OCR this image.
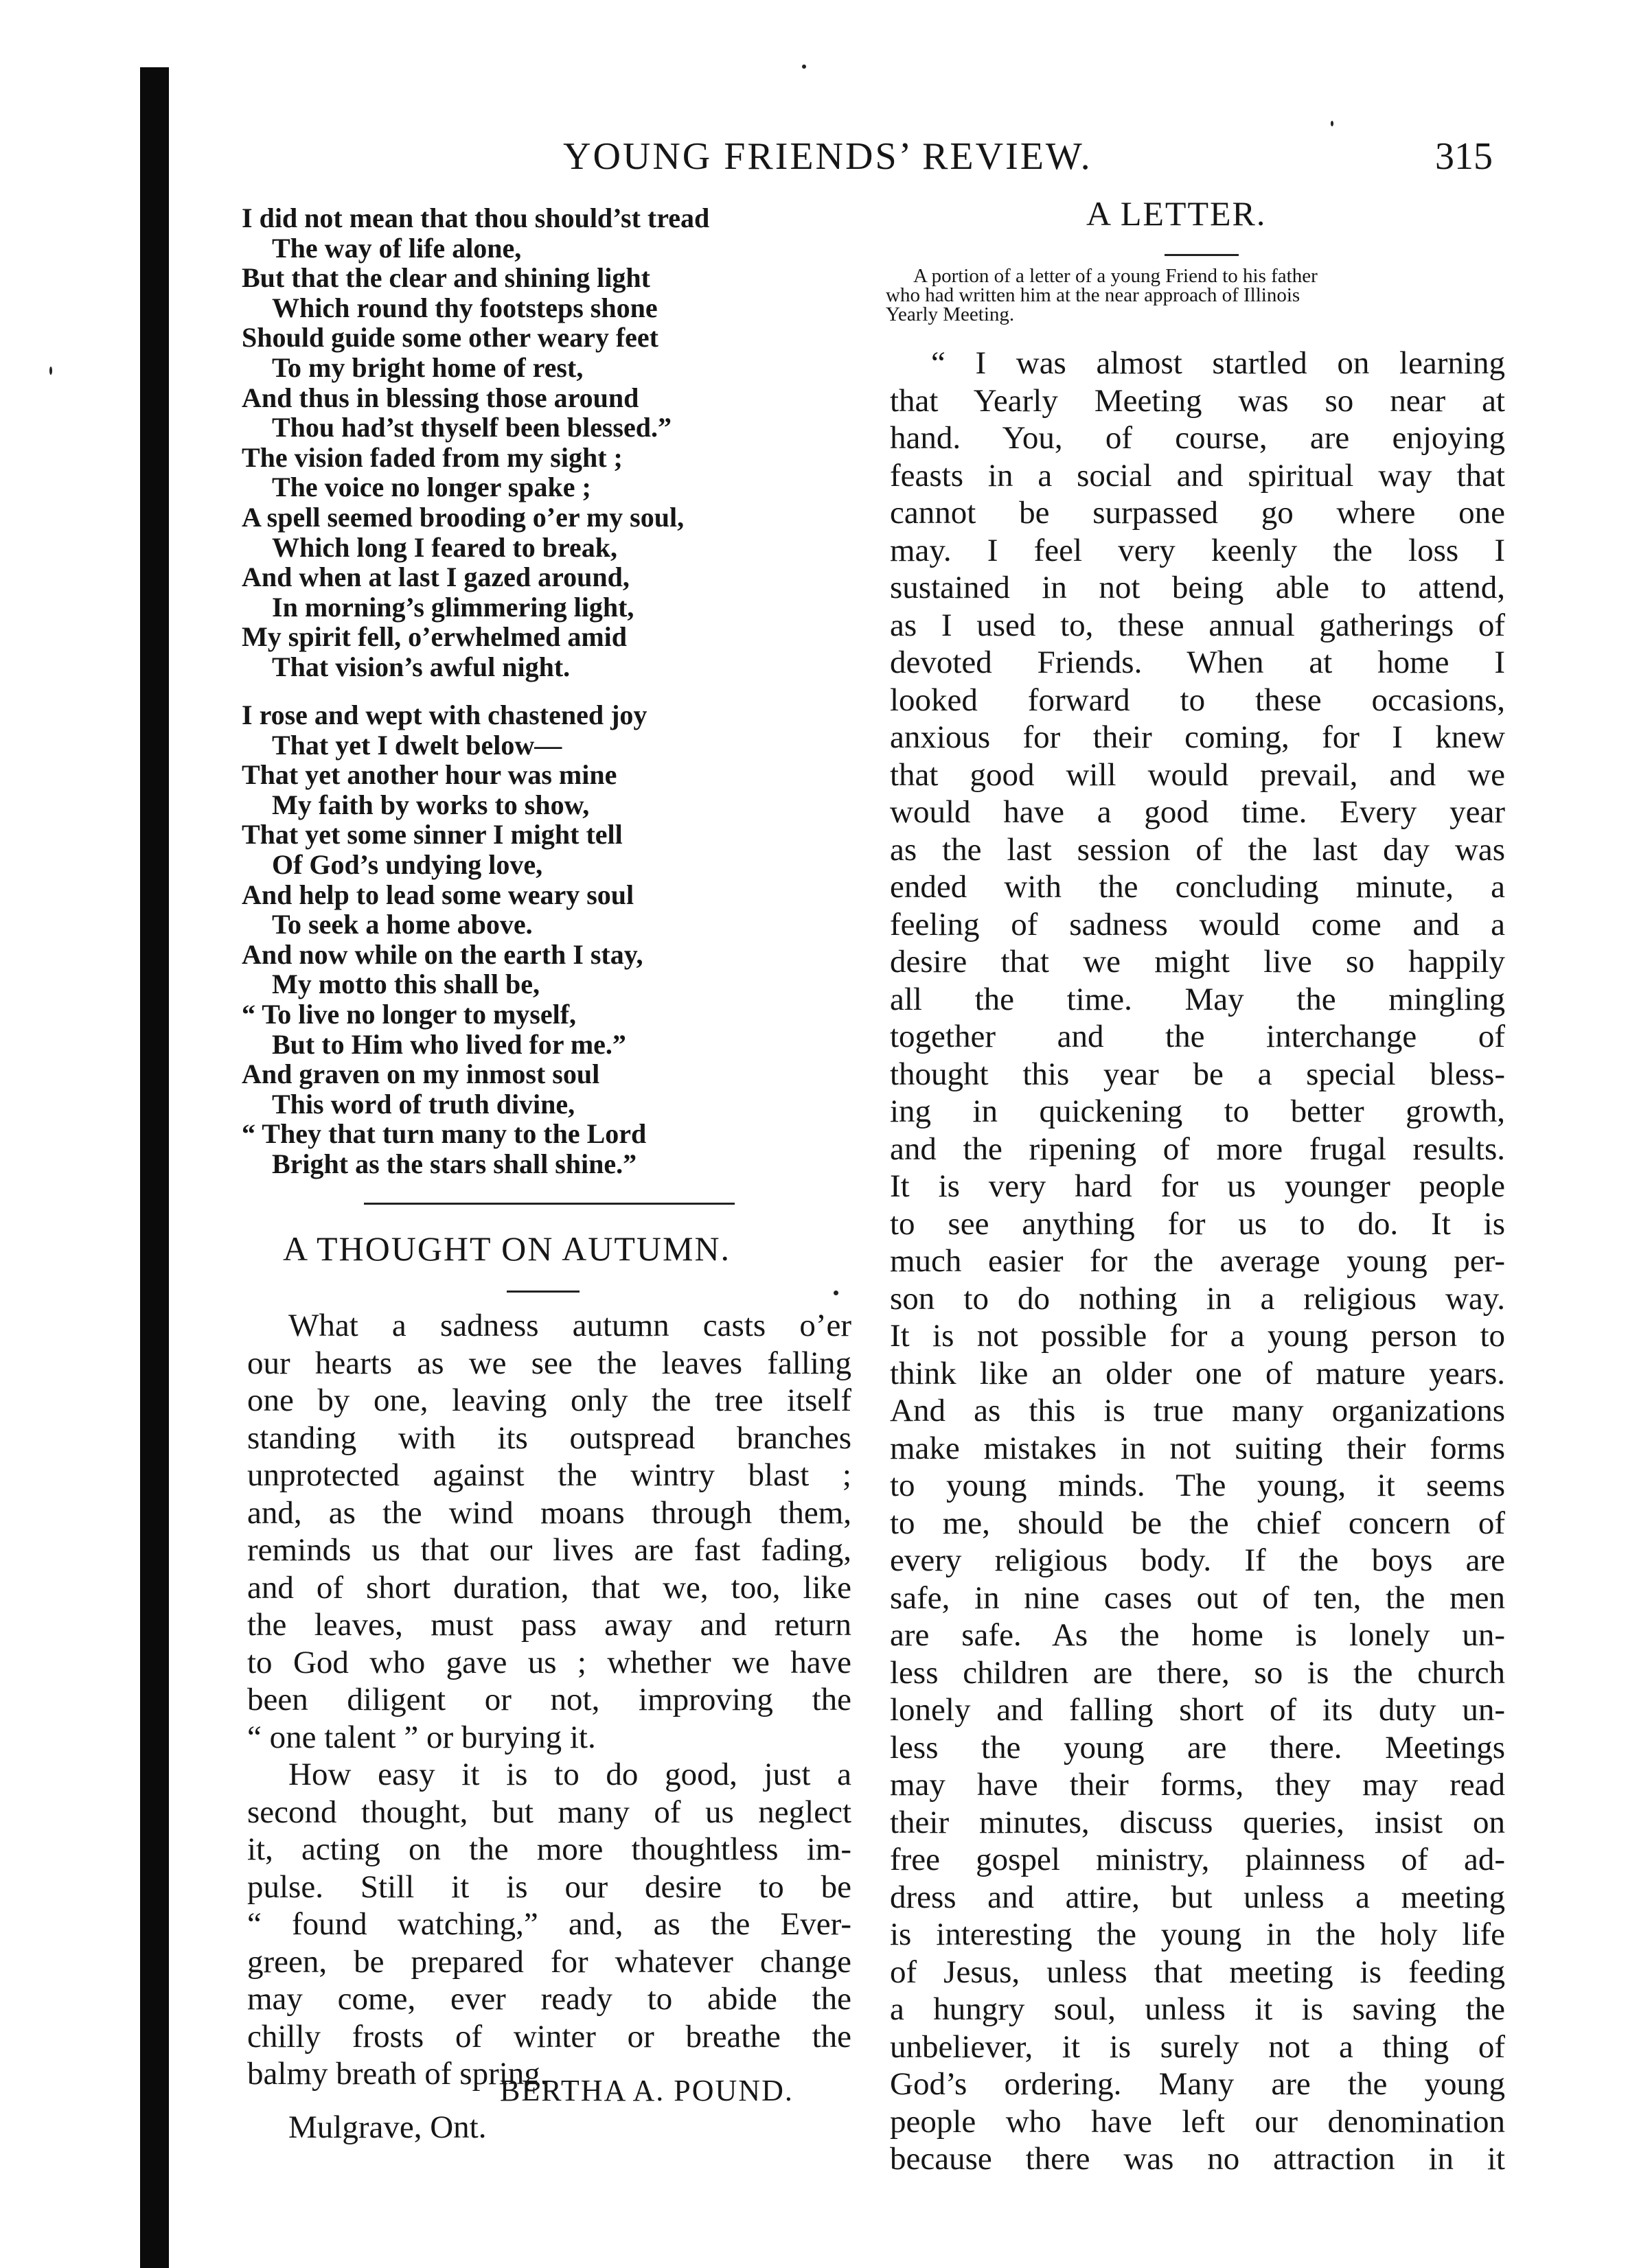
YOUNG FRIENDS’ REVIEW.	315
I did not mean that thou should’st tread
The way of life alone,
But that the clear and shining light
Which round thy footsteps shone
Should guide some other weary feet
To my bright home of rest,
And thus in blessing those around
Thou had’st thyself been blessed.”
The vision faded from my sight ;
The voice no longer spake ;
A spell seemed brooding o’er my soul,
Which long I feared to break,
And when at last I gazed around,
In morning’s glimmering light,
My spirit fell, o’erwhelmed amid
That vision’s awful night.
I rose and wept with chastened joy
That yet I dwelt below—
That yet another hour was mine
My faith by works to show,
That yet some sinner I might tell
Of God’s undying love,
And help to lead some weary soul
To seek a home above.
And now while on the earth I stay,
My motto this shall be,
“ To live no longer to myself,
But to Him who lived for me.”
And graven on my inmost soul
This word of truth divine,
“ They that turn many to the Lord
Bright as the stars shall shine.”
A THOUGHT ON AUTUMN.
What a sadness autumn casts o’er
our hearts as we see the leaves falling
one by one, leaving only the tree itself
standing with its outspread branches
unprotected against the wintry blast ;
and, as the wind moans through them,
reminds us that our lives are fast fading,
and of short duration, that we, too, like
the leaves, must pass away and return
to God who gave us ; whether we have
been diligent or not, improving the
“ one talent ” or burying it.
How easy it is to do good, just a
second thought, but many of us neglect
it, acting on the more thoughtless im-
pulse. Still it is our desire to be
“ found watching,” and, as the Ever-
green, be prepared for whatever change
may come, ever ready to abide the
chilly frosts of winter or breathe the
balmy breath of spring.
BERTHA A. POUND.
Mulgrave, Ont.
A LETTER.
A portion of a letter of a young Friend to his father
who had written him at the near approach of Illinois
Yearly Meeting.
“ I was almost startled on learning
that Yearly Meeting was so near at
hand. You, of course, are enjoying
feasts in a social and spiritual way that
cannot be surpassed go where one
may. I feel very keenly the loss I
sustained in not being able to attend,
as I used to, these annual gatherings of
devoted Friends. When at home I
looked forward to these occasions,
anxious for their coming, for I knew
that good will would prevail, and we
would have a good time. Every year
as the last session of the last day was
ended with the concluding minute, a
feeling of sadness would come and a
desire that we might live so happily
all the time. May the mingling
together and the interchange of
thought this year be a special bless-
ing in quickening to better growth,
and the ripening of more frugal results.
It is very hard for us younger people
to see anything for us to do. It is
much easier for the average young per-
son to do nothing in a religious way.
It is not possible for a young person to
think like an older one of mature years.
And as this is true many organizations
make mistakes in not suiting their forms
to young minds. The young, it seems
to me, should be the chief concern of
every religious body. If the boys are
safe, in nine cases out of ten, the men
are safe. As the home is lonely un-
less children are there, so is the church
lonely and falling short of its duty un-
less the young are there. Meetings
may have their forms, they may read
their minutes, discuss queries, insist on
free gospel ministry, plainness of ad-
dress and attire, but unless a meeting
is interesting the young in the holy life
of Jesus, unless that meeting is feeding
a hungry soul, unless it is saving the
unbeliever, it is surely not a thing of
God’s ordering. Many are the young
people who have left our denomination
because there was no attraction in it
